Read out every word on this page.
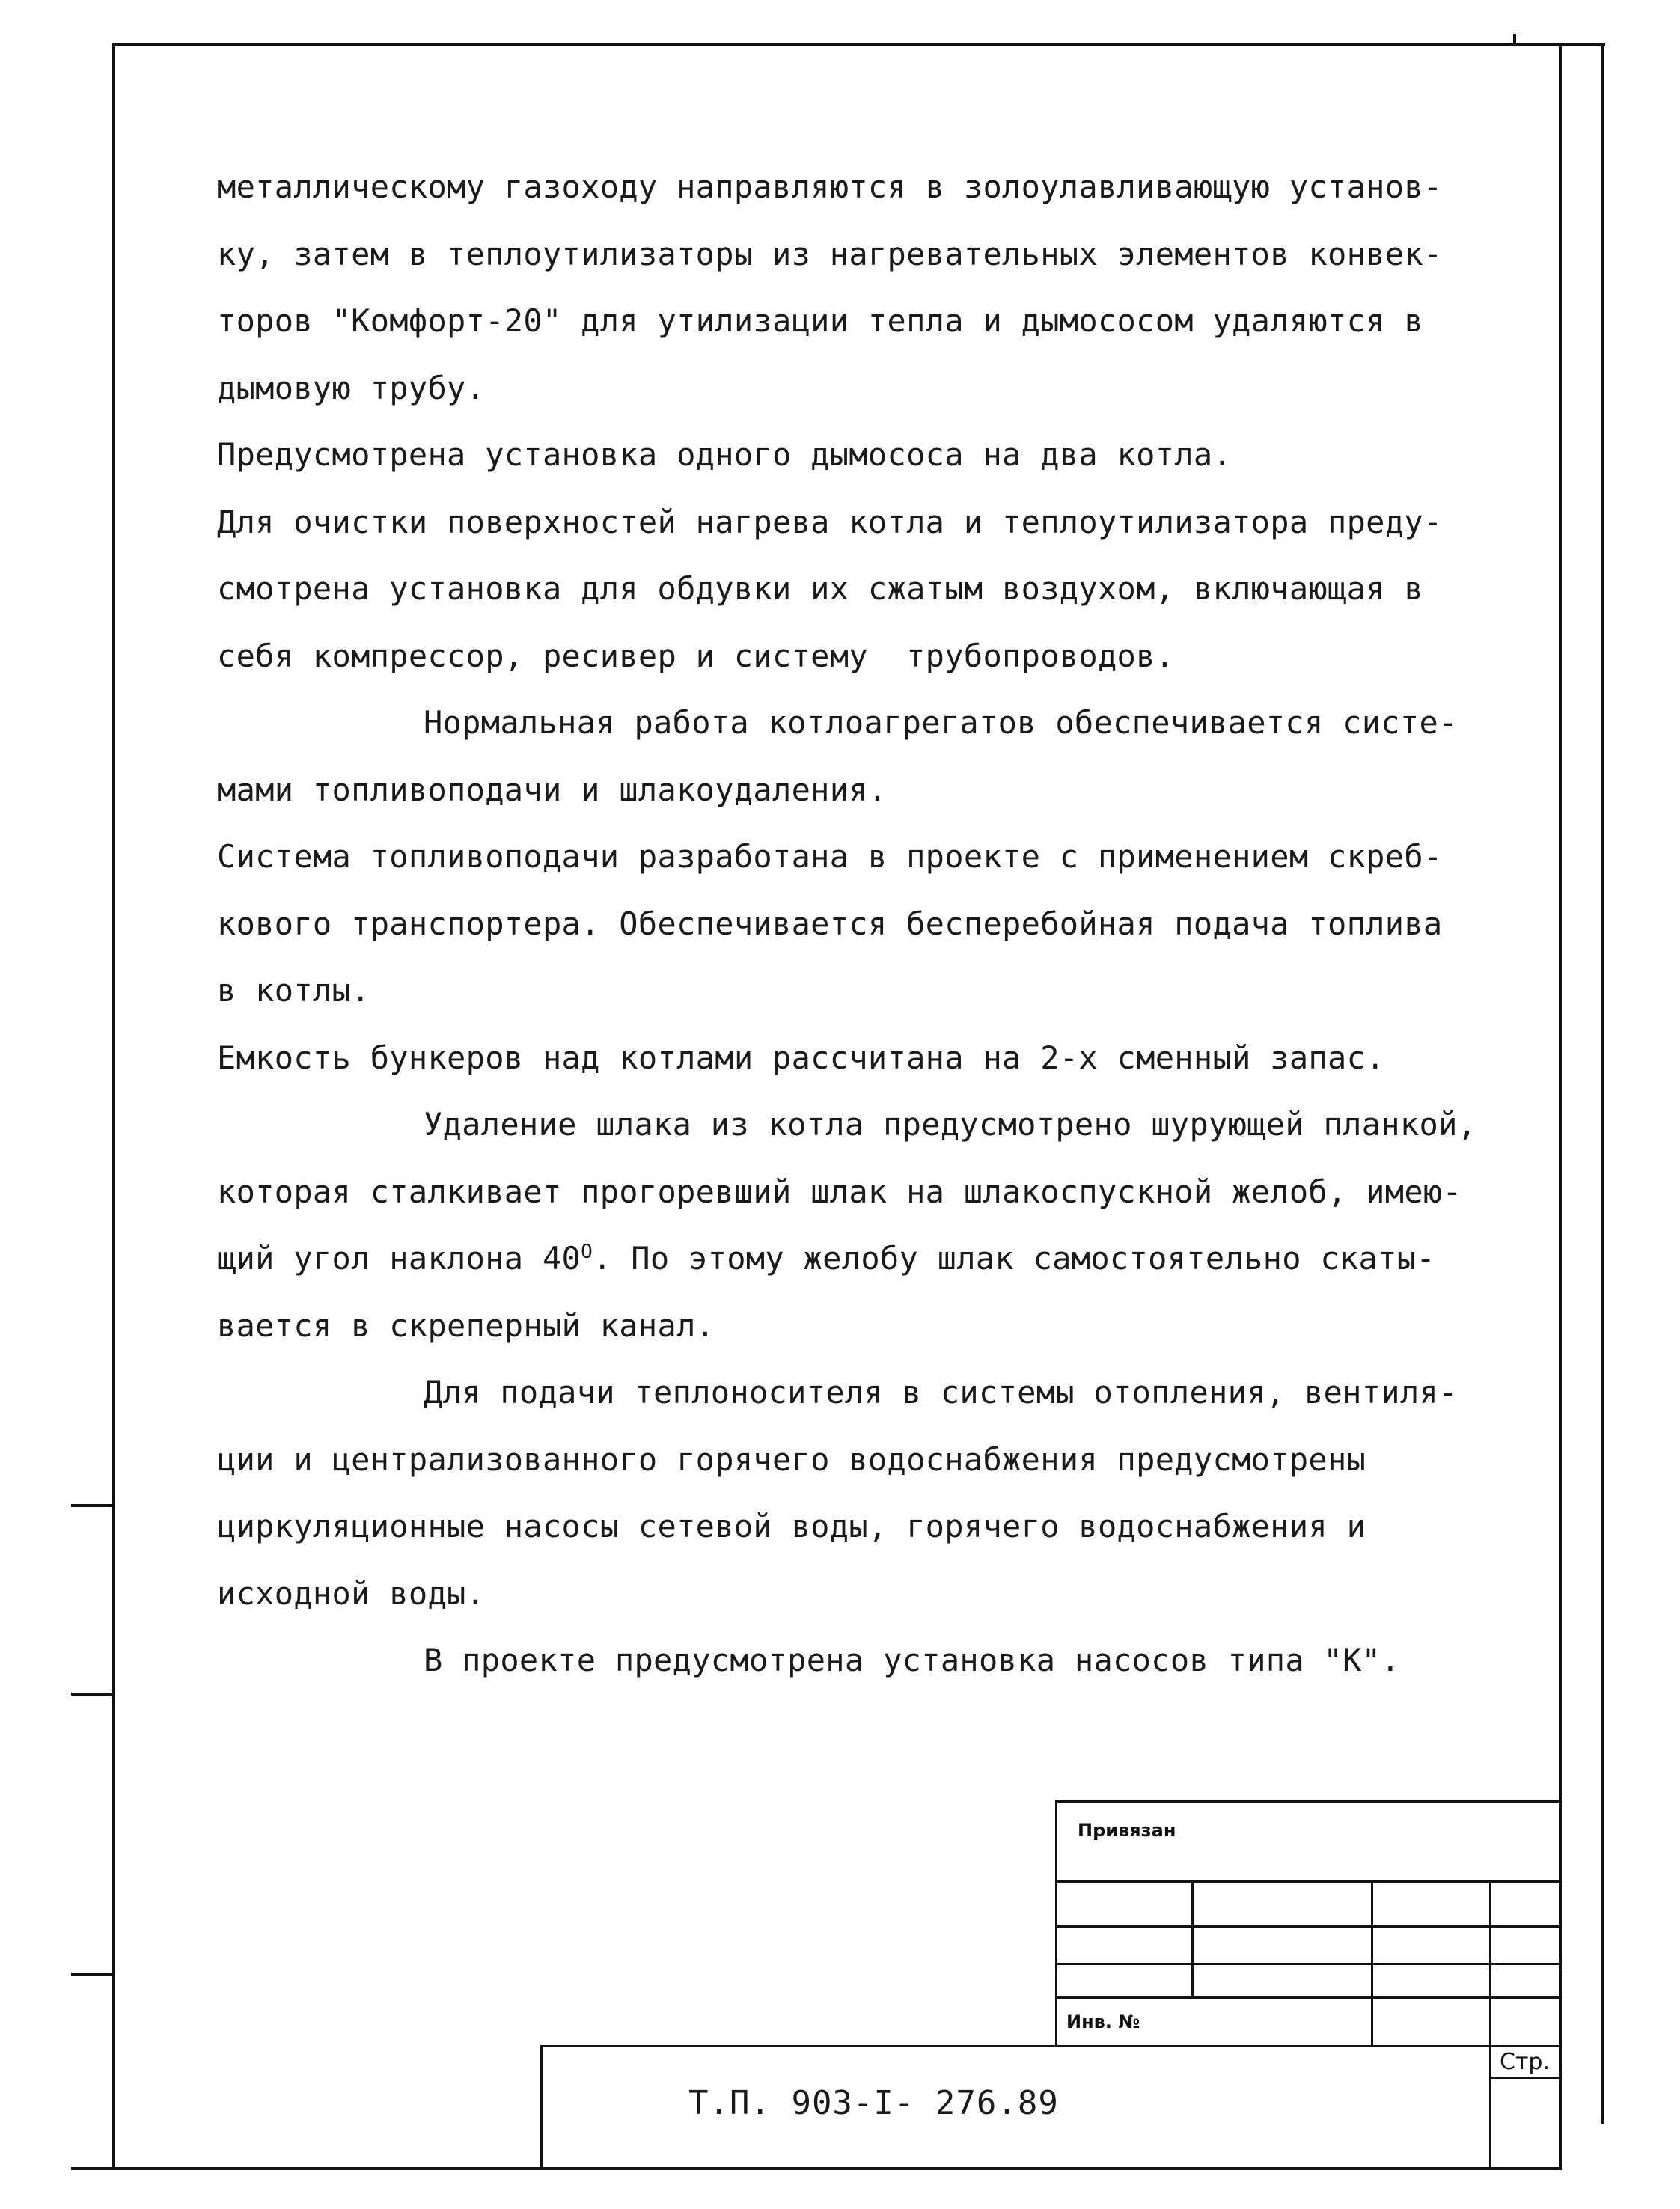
металлическому газоходу направляются в золоулавливающую установ-
ку, затем в теплоутилизаторы из нагревательных элементов конвек-
торов "Комфорт-20" для утилизации тепла и дымососом удаляются в
дымовую трубу.
Предусмотрена установка одного дымососа на два котла.
Для очистки поверхностей нагрева котла и теплоутилизатора преду-
смотрена установка для обдувки их сжатым воздухом, включающая в
себя компрессор, ресивер и систему  трубопроводов.
Нормальная работа котлоагрегатов обеспечивается систе-
мами топливоподачи и шлакоудаления.
Система топливоподачи разработана в проекте с применением скреб-
кового транспортера. Обеспечивается бесперебойная подача топлива
в котлы.
Емкость бункеров над котлами рассчитана на 2-х сменный запас.
Удаление шлака из котла предусмотрено шурующей планкой,
которая сталкивает прогоревший шлак на шлакоспускной желоб, имею-
щий угол наклона $40^О$. По этому желобу шлак самостоятельно скаты-
вается в скреперный канал.
Для подачи теплоносителя в системы отопления, вентиля-
ции и централизованного горячего водоснабжения предусмотрены
циркуляционные насосы сетевой воды, горячего водоснабжения и
исходной воды.
В проекте предусмотрена установка насосов типа "К".
Привязан
Инв. №
Стр.
Т.П. 903-I- 276.89
